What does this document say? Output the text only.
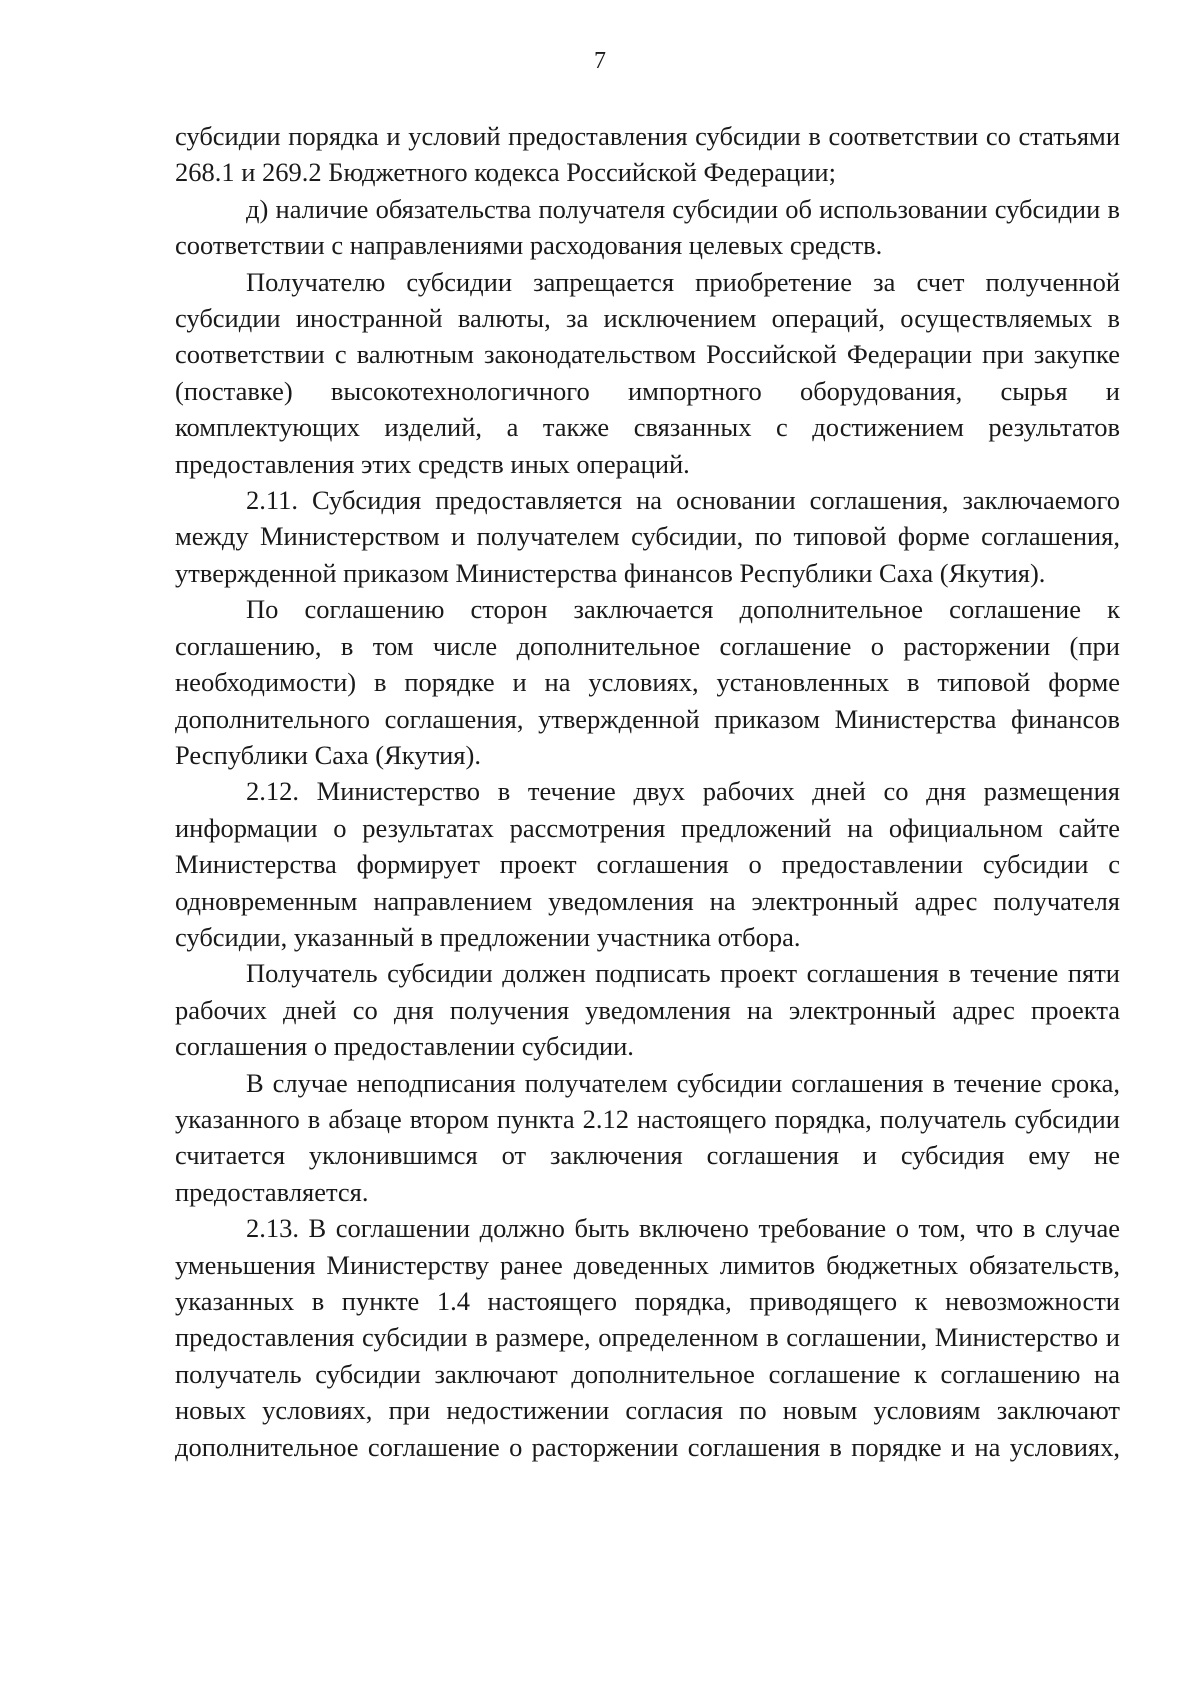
7

субсидии порядка и условий предоставления субсидии в соответствии со статьями 268.1 и 269.2 Бюджетного кодекса Российской Федерации;

д) наличие обязательства получателя субсидии об использовании субсидии в соответствии с направлениями расходования целевых средств.

Получателю субсидии запрещается приобретение за счет полученной субсидии иностранной валюты, за исключением операций, осуществляемых в соответствии с валютным законодательством Российской Федерации при закупке (поставке) высокотехнологичного импортного оборудования, сырья и комплектующих изделий, а также связанных с достижением результатов предоставления этих средств иных операций.

2.11. Субсидия предоставляется на основании соглашения, заключаемого между Министерством и получателем субсидии, по типовой форме соглашения, утвержденной приказом Министерства финансов Республики Саха (Якутия).

По соглашению сторон заключается дополнительное соглашение к соглашению, в том числе дополнительное соглашение о расторжении (при необходимости) в порядке и на условиях, установленных в типовой форме дополнительного соглашения, утвержденной приказом Министерства финансов Республики Саха (Якутия).

2.12. Министерство в течение двух рабочих дней со дня размещения информации о результатах рассмотрения предложений на официальном сайте Министерства формирует проект соглашения о предоставлении субсидии с одновременным направлением уведомления на электронный адрес получателя субсидии, указанный в предложении участника отбора.

Получатель субсидии должен подписать проект соглашения в течение пяти рабочих дней со дня получения уведомления на электронный адрес проекта соглашения о предоставлении субсидии.

В случае неподписания получателем субсидии соглашения в течение срока, указанного в абзаце втором пункта 2.12 настоящего порядка, получатель субсидии считается уклонившимся от заключения соглашения и субсидия ему не предоставляется.

2.13. В соглашении должно быть включено требование о том, что в случае уменьшения Министерству ранее доведенных лимитов бюджетных обязательств, указанных в пункте 1.4 настоящего порядка, приводящего к невозможности предоставления субсидии в размере, определенном в соглашении, Министерство и получатель субсидии заключают дополнительное соглашение к соглашению на новых условиях, при недостижении согласия по новым условиям заключают дополнительное соглашение о расторжении соглашения в порядке и на условиях,
